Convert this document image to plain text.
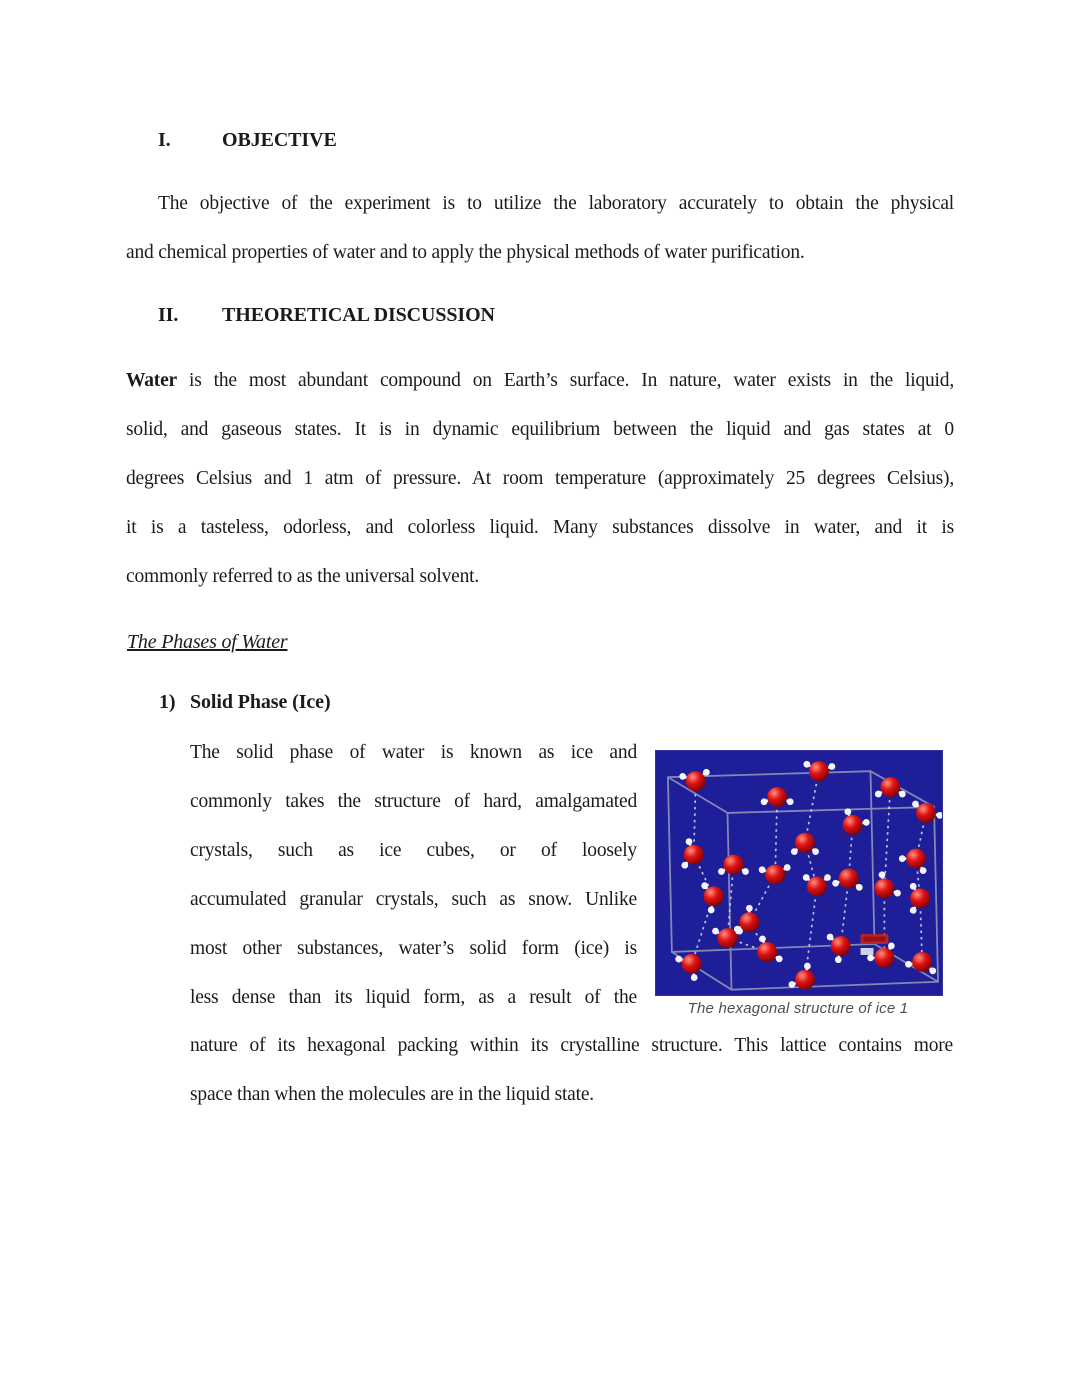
I.	OBJECTIVE
The objective of the experiment is to utilize the laboratory accurately to obtain the physical
and chemical properties of water and to apply the physical methods of water purification.
II. THEORETICAL DISCUSSION
Water is the most abundant compound on Earth’s surface. In nature, water exists in the liquid,
solid, and gaseous states. It is in dynamic equilibrium between the liquid and gas states at 0
degrees Celsius and 1 atm of pressure. At room temperature (approximately 25 degrees Celsius),
it is a tasteless, odorless, and colorless liquid. Many substances dissolve in water, and it is
commonly referred to as the universal solvent.
The Phases of Water
1) Solid Phase (Ice)
The solid phase of water is known as ice and
commonly takes the structure of hard, amalgamated
crystals, such as ice cubes, or of loosely
accumulated granular crystals, such as snow. Unlike
most other substances, water’s solid form (ice) is
less dense than its liquid form, as a result of the
nature of its hexagonal packing within its crystalline structure. This lattice contains more
space than when the molecules are in the liquid state.
The hexagonal structure of ice 1
